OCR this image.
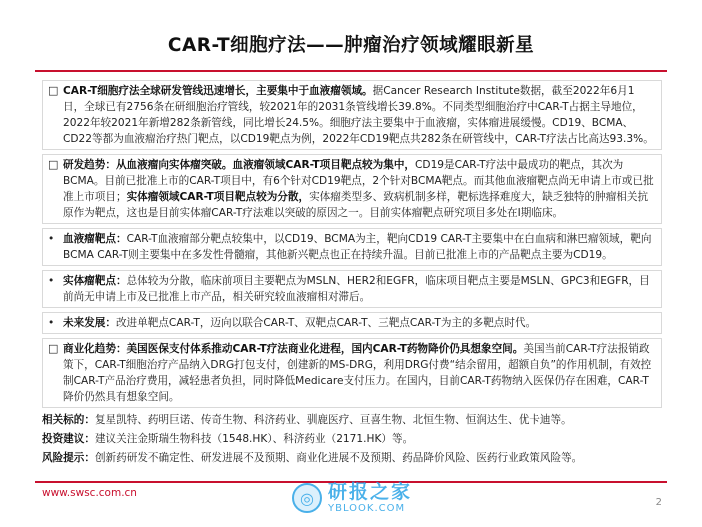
CAR-T细胞疗法——肿瘤治疗领域耀眼新星
□ CAR-T细胞疗法全球研发管线迅速增长，主要集中于血液瘤领域。据Cancer Research Institute数据，截至2022年6月1日，全球已有2756条在研细胞治疗管线，较2021年的2031条管线增长39.8%。不同类型细胞治疗中CAR-T占据主导地位，2022年较2021年新增282条新管线，同比增长24.5%。细胞疗法主要集中于血液瘤，实体瘤进展缓慢。CD19、BCMA、CD22等都为血液瘤治疗热门靶点，以CD19靶点为例，2022年CD19靶点共282条在研管线中，CAR-T疗法占比高达93.3%。
□ 研发趋势：从血液瘤向实体瘤突破。血液瘤领域CAR-T项目靶点较为集中，CD19是CAR-T疗法中最成功的靶点，其次为BCMA。目前已批准上市的CAR-T项目中，有6个针对CD19靶点，2个针对BCMA靶点。而其他血液瘤靶点尚无申请上市或已批准上市项目；实体瘤领域CAR-T项目靶点较为分散，实体瘤类型多、致病机制多样，靶标选择难度大，缺乏独特的肿瘤相关抗原作为靶点，这也是目前实体瘤CAR-T疗法难以突破的原因之一。目前实体瘤靶点研究项目多处在I期临床。
• 血液瘤靶点：CAR-T血液瘤部分靶点较集中，以CD19、BCMA为主，靶向CD19 CAR-T主要集中在白血病和淋巴瘤领域，靶向BCMA CAR-T则主要集中在多发性骨髓瘤，其他新兴靶点也正在持续升温。目前已批准上市的产品靶点主要为CD19。
• 实体瘤靶点：总体较为分散，临床前项目主要靶点为MSLN、HER2和EGFR，临床项目靶点主要是MSLN、GPC3和EGFR，目前尚无申请上市及已批准上市产品，相关研究较血液瘤相对滞后。
• 未来发展：改进单靶点CAR-T，迈向以联合CAR-T、双靶点CAR-T、三靶点CAR-T为主的多靶点时代。
□ 商业化趋势：美国医保支付体系推动CAR-T疗法商业化进程，国内CAR-T药物降价仍具想象空间。美国当前CAR-T疗法报销政策下，CAR-T细胞治疗产品纳入DRG打包支付，创建新的MS-DRG，利用DRG付费“结余留用，超额自负”的作用机制，有效控制CAR-T产品治疗费用，减轻患者负担，同时降低Medicare支付压力。在国内，目前CAR-T药物纳入医保仍存在困难，CAR-T降价仍然具有想象空间。
相关标的：复星凯特、药明巨诺、传奇生物、科济药业、驯鹿医疗、亘喜生物、北恒生物、恒润达生、优卡迪等。
投资建议：建议关注金斯瑞生物科技（1548.HK）、科济药业（2171.HK）等。
风险提示：创新药研发不确定性、研发进展不及预期、商业化进展不及预期、药品降价风险、医药行业政策风险等。
www.swsc.com.cn
2
◎ 研报之家
YBLOOK.COM
